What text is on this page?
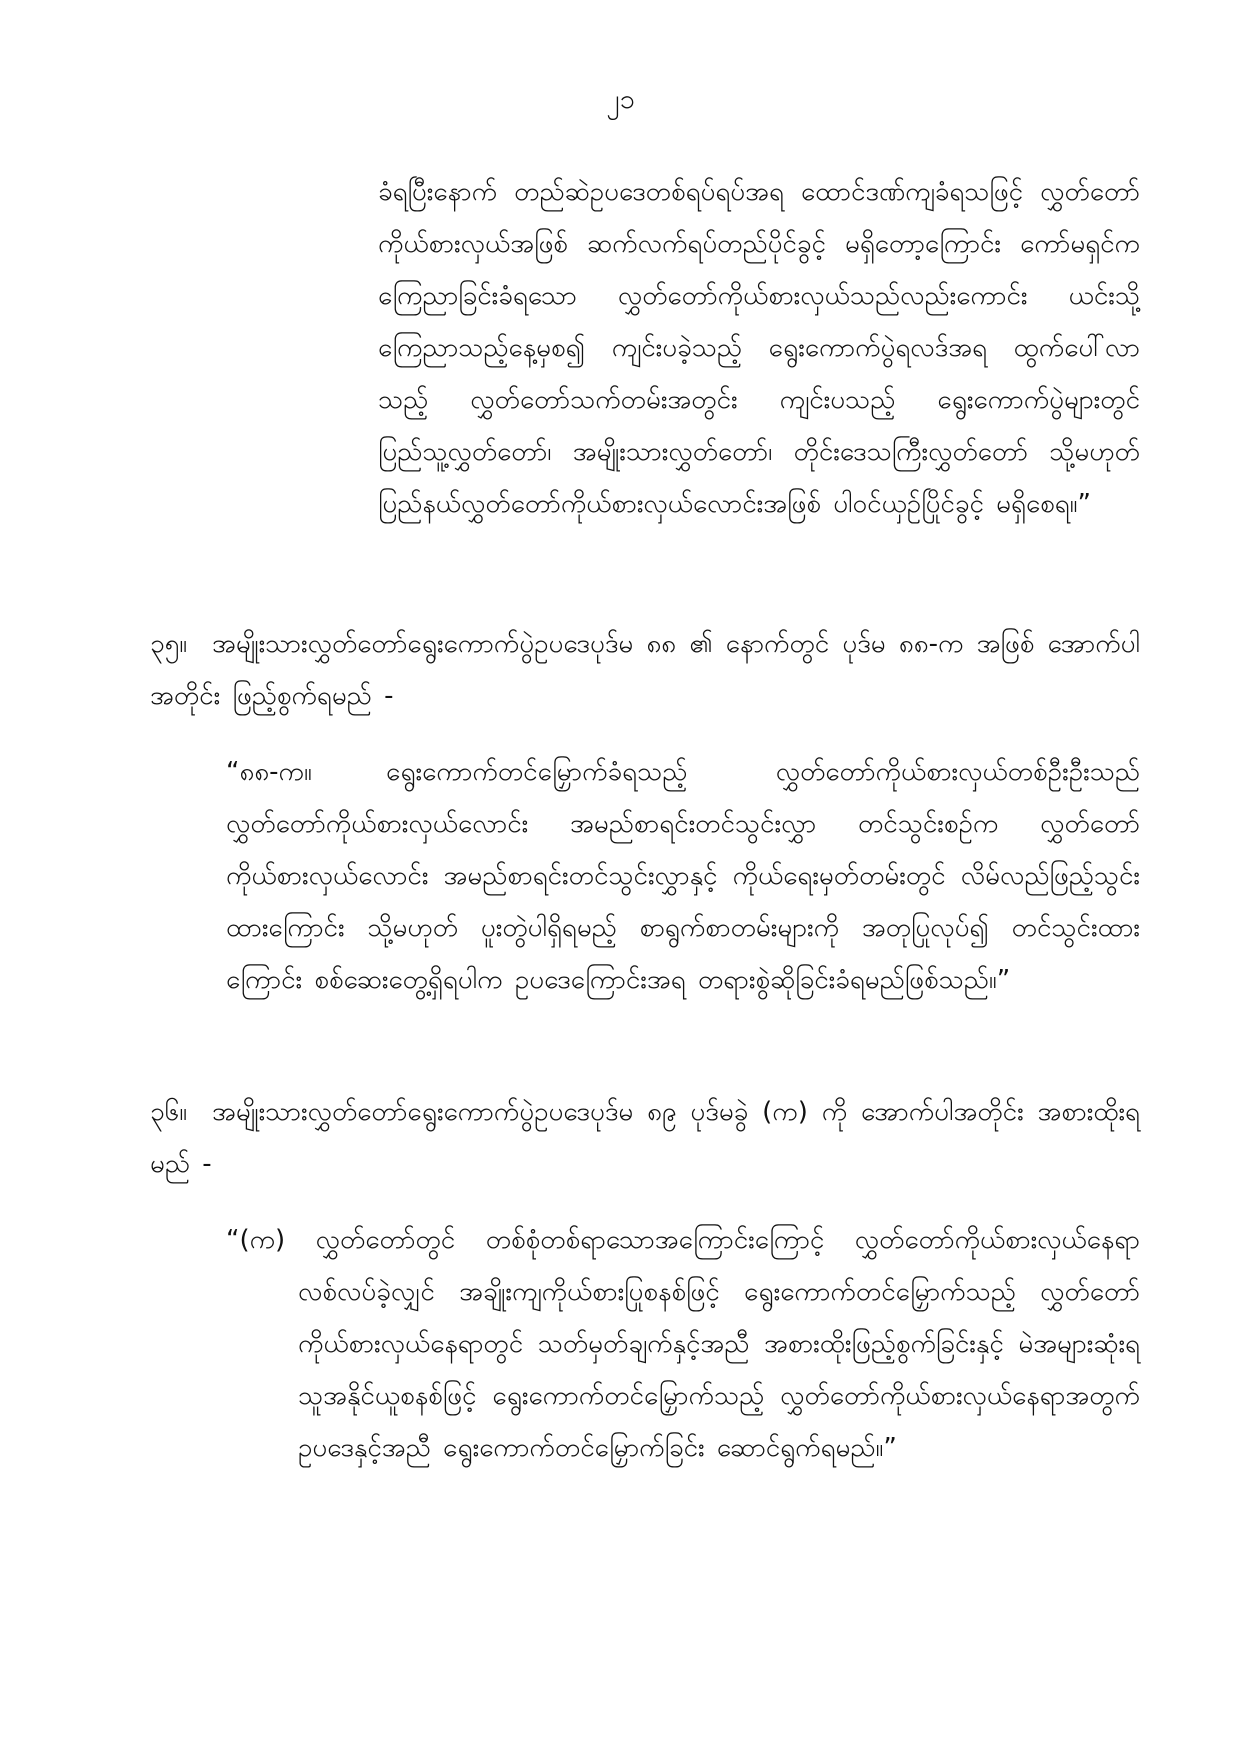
၂၁

ခံရပြီးနောက် တည်ဆဲဥပဒေတစ်ရပ်ရပ်အရ ထောင်ဒဏ်ကျခံရသဖြင့် လွှတ်တော်ကိုယ်စားလှယ်အဖြစ် ဆက်လက်ရပ်တည်ပိုင်ခွင့် မရှိတော့ကြောင်း ကော်မရှင်က ကြေညာခြင်းခံရသော လွှတ်တော်ကိုယ်စားလှယ်သည်လည်းကောင်း ယင်းသို့ကြေညာသည့်နေ့မှစ၍ ကျင်းပခဲ့သည့် ရွေးကောက်ပွဲရလဒ်အရ ထွက်ပေါ်လာသည့် လွှတ်တော်သက်တမ်းအတွင်း ကျင်းပသည့် ရွေးကောက်ပွဲများတွင် ပြည်သူ့လွှတ်တော်၊ အမျိုးသားလွှတ်တော်၊ တိုင်းဒေသကြီးလွှတ်တော် သို့မဟုတ် ပြည်နယ်လွှတ်တော်ကိုယ်စားလှယ်လောင်းအဖြစ် ပါဝင်ယှဉ်ပြိုင်ခွင့် မရှိစေရ။”

၃၅။ အမျိုးသားလွှတ်တော်ရွေးကောက်ပွဲဥပဒေပုဒ်မ ၈၈ ၏ နောက်တွင် ပုဒ်မ ၈၈-က အဖြစ် အောက်ပါအတိုင်း ဖြည့်စွက်ရမည် -

“၈၈-က။	ရွေးကောက်တင်မြှောက်ခံရသည့် လွှတ်တော်ကိုယ်စားလှယ်တစ်ဦးဦးသည် လွှတ်တော်ကိုယ်စားလှယ်လောင်း အမည်စာရင်းတင်သွင်းလွှာ တင်သွင်းစဉ်က လွှတ်တော်ကိုယ်စားလှယ်လောင်း အမည်စာရင်းတင်သွင်းလွှာနှင့် ကိုယ်ရေးမှတ်တမ်းတွင် လိမ်လည်ဖြည့်သွင်းထားကြောင်း သို့မဟုတ် ပူးတွဲပါရှိရမည့် စာရွက်စာတမ်းများကို အတုပြုလုပ်၍ တင်သွင်းထားကြောင်း စစ်ဆေးတွေ့ရှိရပါက ဥပဒေကြောင်းအရ တရားစွဲဆိုခြင်းခံရမည်ဖြစ်သည်။”

၃၆။ အမျိုးသားလွှတ်တော်ရွေးကောက်ပွဲဥပဒေပုဒ်မ ၈၉ ပုဒ်မခွဲ (က) ကို အောက်ပါအတိုင်း အစားထိုးရမည် -

“(က) လွှတ်တော်တွင် တစ်စုံတစ်ရာသောအကြောင်းကြောင့် လွှတ်တော်ကိုယ်စားလှယ်နေရာ လစ်လပ်ခဲ့လျှင် အချိုးကျကိုယ်စားပြုစနစ်ဖြင့် ရွေးကောက်တင်မြှောက်သည့် လွှတ်တော်ကိုယ်စားလှယ်နေရာတွင် သတ်မှတ်ချက်နှင့်အညီ အစားထိုးဖြည့်စွက်ခြင်းနှင့် မဲအများဆုံးရသူအနိုင်ယူစနစ်ဖြင့် ရွေးကောက်တင်မြှောက်သည့် လွှတ်တော်ကိုယ်စားလှယ်နေရာအတွက် ဥပဒေနှင့်အညီ ရွေးကောက်တင်မြှောက်ခြင်း ဆောင်ရွက်ရမည်။”
